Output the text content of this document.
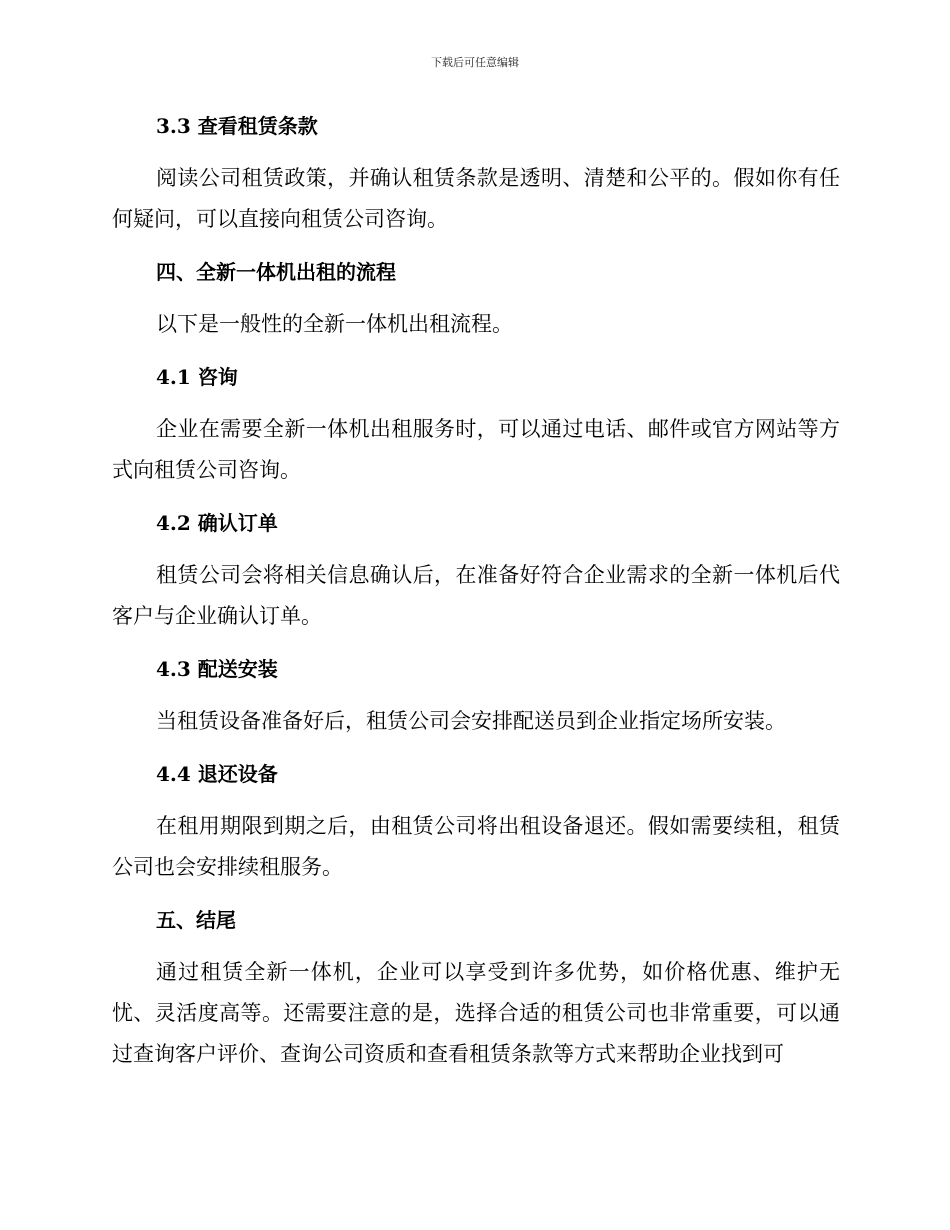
下载后可任意编辑
3.3 查看租赁条款
阅读公司租赁政策，并确认租赁条款是透明、清楚和公平的。假如你有任何疑问，可以直接向租赁公司咨询。
四、全新一体机出租的流程
以下是一般性的全新一体机出租流程。
4.1 咨询
企业在需要全新一体机出租服务时，可以通过电话、邮件或官方网站等方式向租赁公司咨询。
4.2 确认订单
租赁公司会将相关信息确认后，在准备好符合企业需求的全新一体机后代客户与企业确认订单。
4.3 配送安装
当租赁设备准备好后，租赁公司会安排配送员到企业指定场所安装。
4.4 退还设备
在租用期限到期之后，由租赁公司将出租设备退还。假如需要续租，租赁公司也会安排续租服务。
五、结尾
通过租赁全新一体机，企业可以享受到许多优势，如价格优惠、维护无忧、灵活度高等。还需要注意的是，选择合适的租赁公司也非常重要，可以通过查询客户评价、查询公司资质和查看租赁条款等方式来帮助企业找到可
